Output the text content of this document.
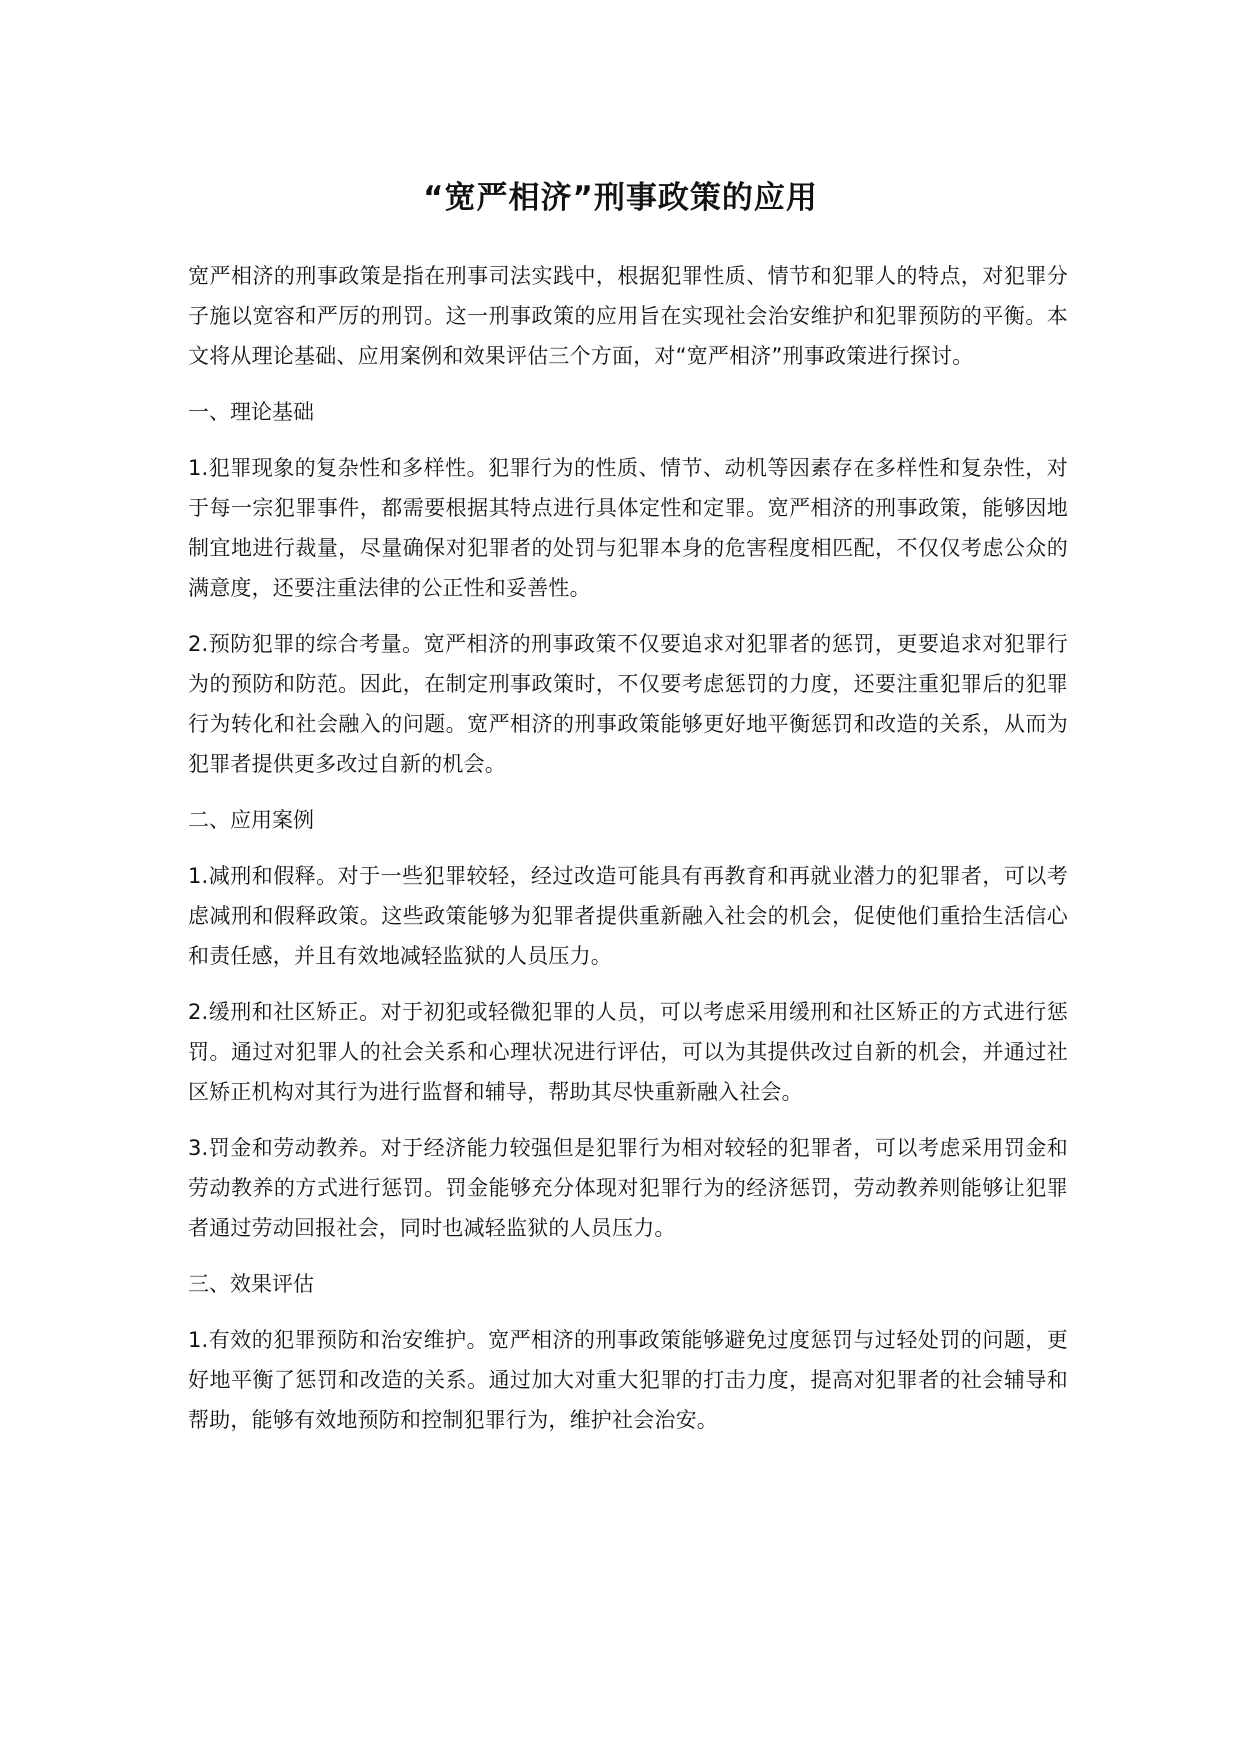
“宽严相济”刑事政策的应用

宽严相济的刑事政策是指在刑事司法实践中，根据犯罪性质、情节和犯罪人的特点，对犯罪分子施以宽容和严厉的刑罚。这一刑事政策的应用旨在实现社会治安维护和犯罪预防的平衡。本文将从理论基础、应用案例和效果评估三个方面，对“宽严相济”刑事政策进行探讨。

一、理论基础

1.犯罪现象的复杂性和多样性。犯罪行为的性质、情节、动机等因素存在多样性和复杂性，对于每一宗犯罪事件，都需要根据其特点进行具体定性和定罪。宽严相济的刑事政策，能够因地制宜地进行裁量，尽量确保对犯罪者的处罚与犯罪本身的危害程度相匹配，不仅仅考虑公众的满意度，还要注重法律的公正性和妥善性。

2.预防犯罪的综合考量。宽严相济的刑事政策不仅要追求对犯罪者的惩罚，更要追求对犯罪行为的预防和防范。因此，在制定刑事政策时，不仅要考虑惩罚的力度，还要注重犯罪后的犯罪行为转化和社会融入的问题。宽严相济的刑事政策能够更好地平衡惩罚和改造的关系，从而为犯罪者提供更多改过自新的机会。

二、应用案例

1.减刑和假释。对于一些犯罪较轻，经过改造可能具有再教育和再就业潜力的犯罪者，可以考虑减刑和假释政策。这些政策能够为犯罪者提供重新融入社会的机会，促使他们重拾生活信心和责任感，并且有效地减轻监狱的人员压力。

2.缓刑和社区矫正。对于初犯或轻微犯罪的人员，可以考虑采用缓刑和社区矫正的方式进行惩罚。通过对犯罪人的社会关系和心理状况进行评估，可以为其提供改过自新的机会，并通过社区矫正机构对其行为进行监督和辅导，帮助其尽快重新融入社会。

3.罚金和劳动教养。对于经济能力较强但是犯罪行为相对较轻的犯罪者，可以考虑采用罚金和劳动教养的方式进行惩罚。罚金能够充分体现对犯罪行为的经济惩罚，劳动教养则能够让犯罪者通过劳动回报社会，同时也减轻监狱的人员压力。

三、效果评估

1.有效的犯罪预防和治安维护。宽严相济的刑事政策能够避免过度惩罚与过轻处罚的问题，更好地平衡了惩罚和改造的关系。通过加大对重大犯罪的打击力度，提高对犯罪者的社会辅导和帮助，能够有效地预防和控制犯罪行为，维护社会治安。
